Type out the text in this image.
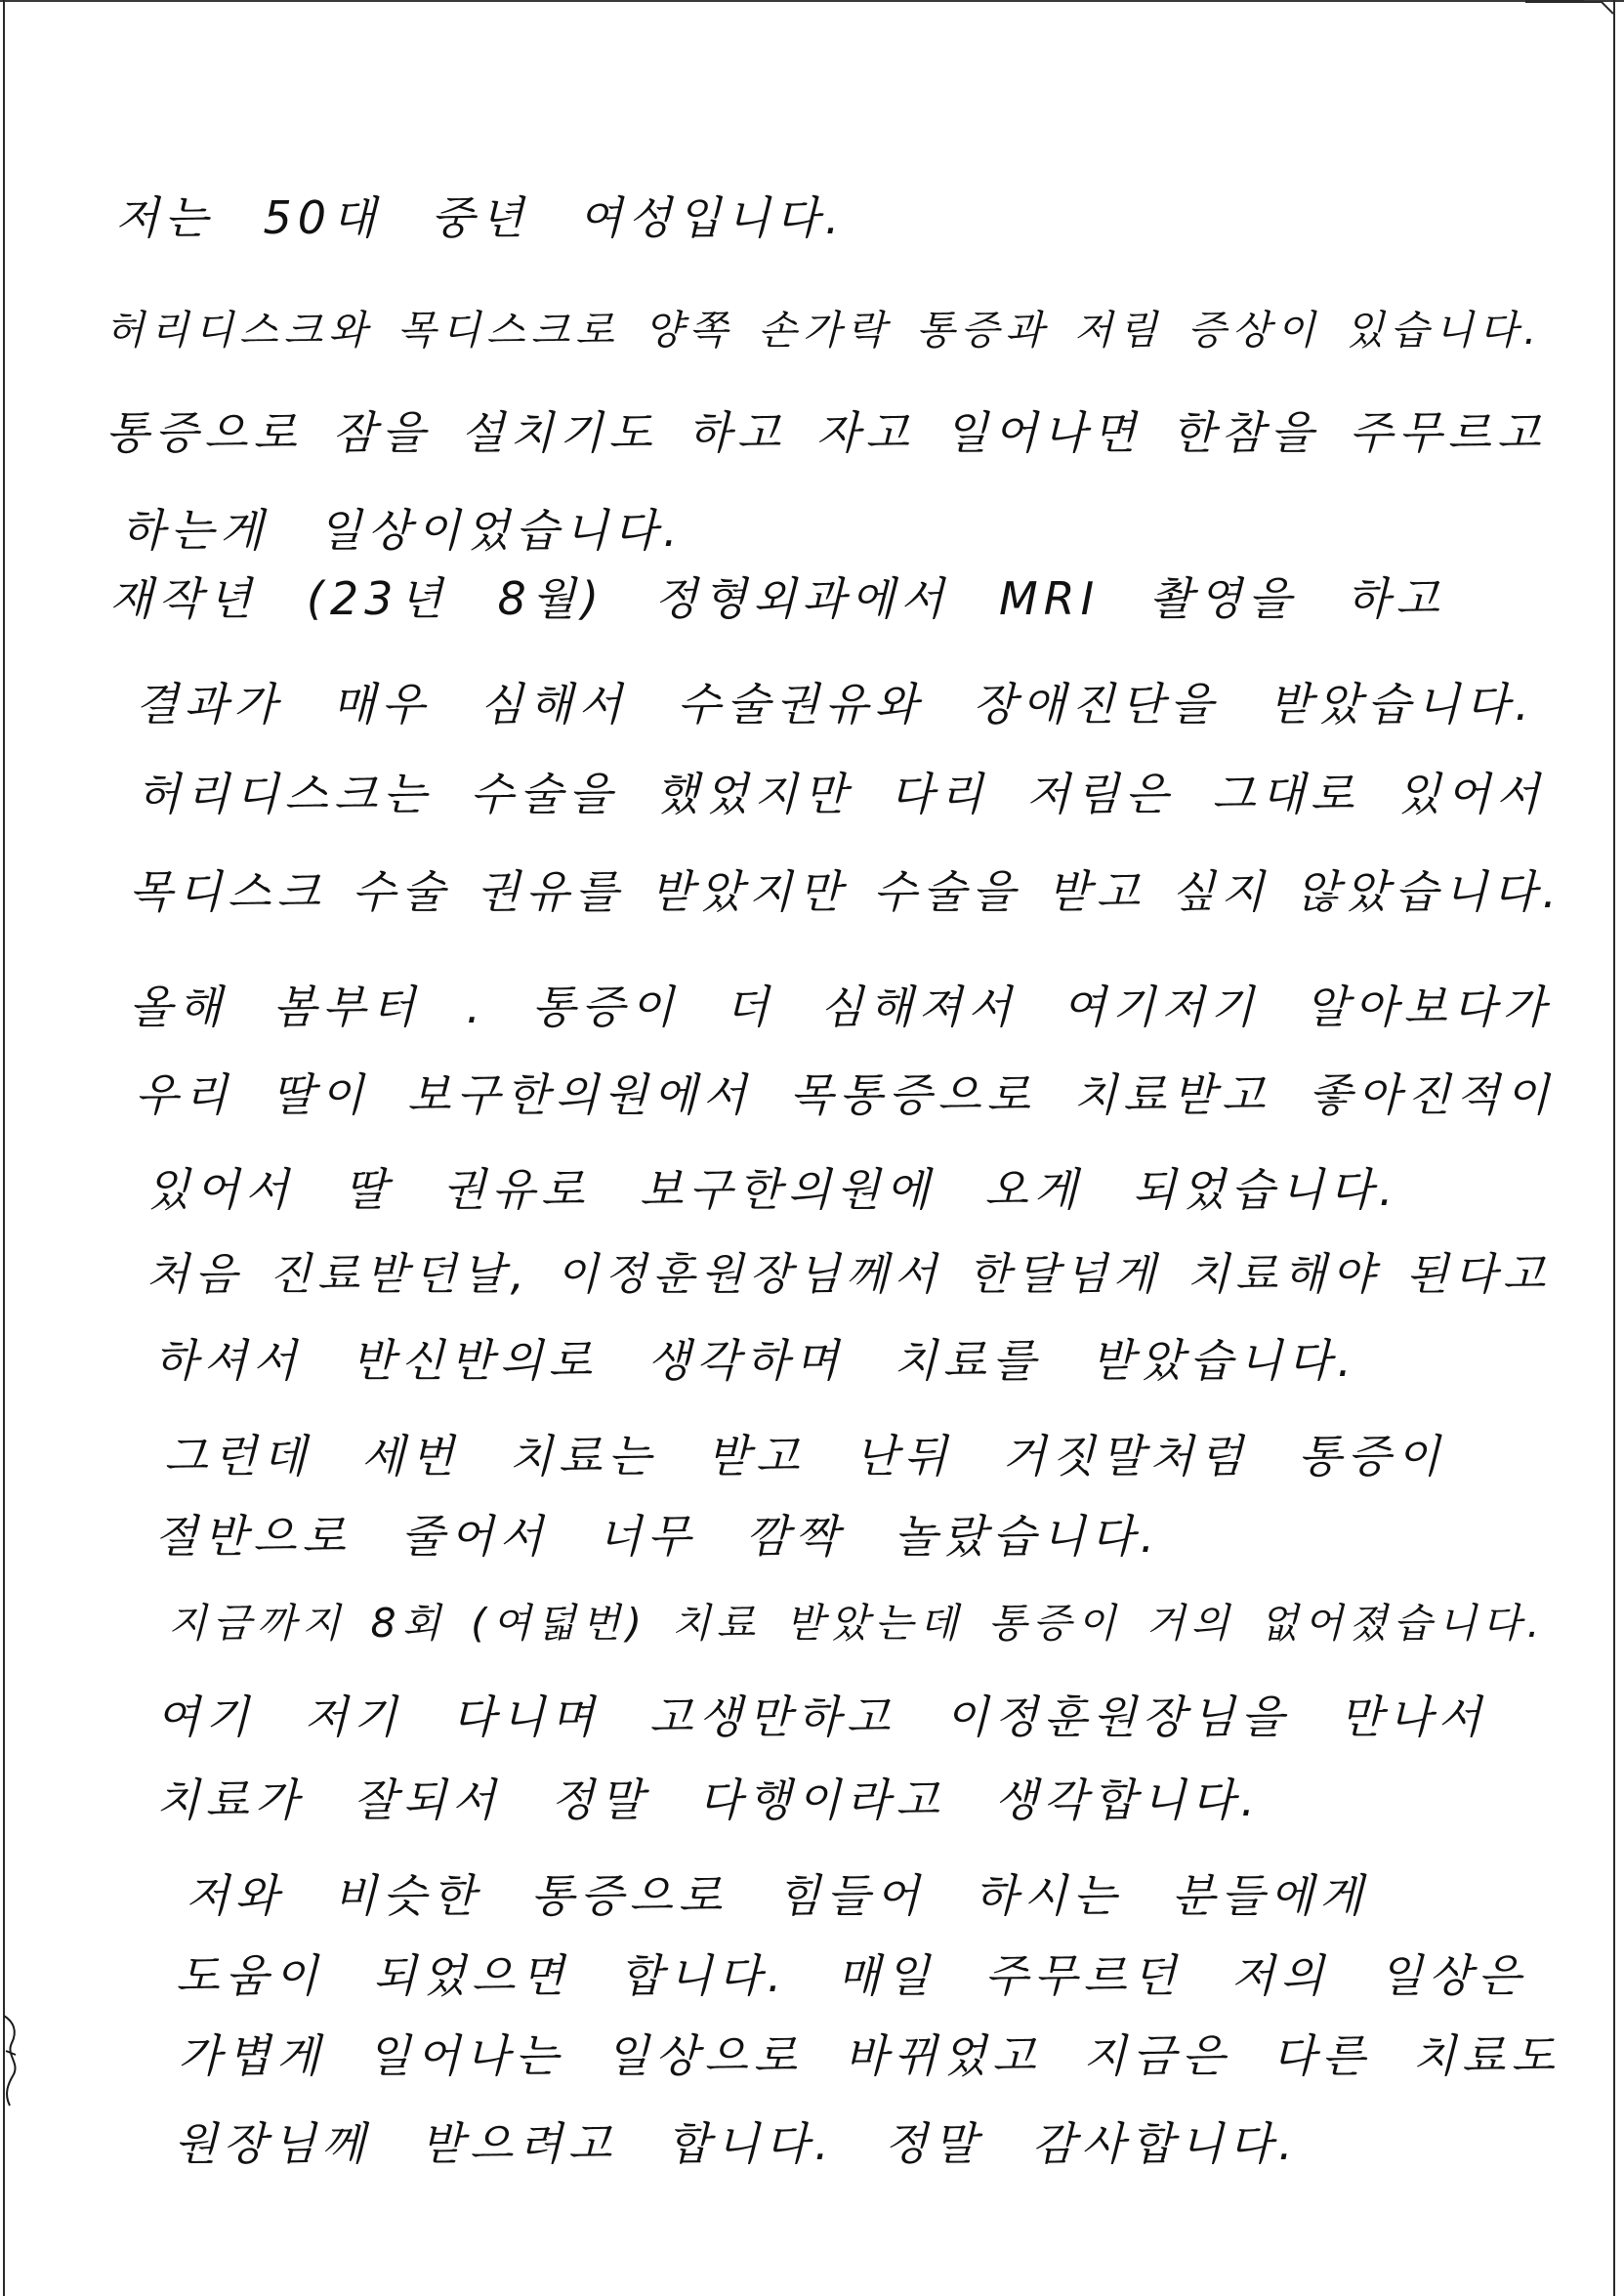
저는 50대 중년 여성입니다.
허리디스크와 목디스크로 양쪽 손가락 통증과 저림 증상이 있습니다.
통증으로 잠을 설치기도 하고 자고 일어나면 한참을 주무르고
하는게 일상이었습니다.
재작년 (23년 8월) 정형외과에서 MRI 촬영을 하고
결과가 매우 심해서 수술권유와 장애진단을 받았습니다.
허리디스크는 수술을 했었지만 다리 저림은 그대로 있어서
목디스크 수술 권유를 받았지만 수술을 받고 싶지 않았습니다.
올해 봄부터 . 통증이 더 심해져서 여기저기 알아보다가
우리 딸이 보구한의원에서 목통증으로 치료받고 좋아진적이
있어서 딸 권유로 보구한의원에 오게 되었습니다.
처음 진료받던날, 이정훈원장님께서 한달넘게 치료해야 된다고
하셔서 반신반의로 생각하며 치료를 받았습니다.
그런데 세번 치료는 받고 난뒤 거짓말처럼 통증이
절반으로 줄어서 너무 깜짝 놀랐습니다.
지금까지 8회 (여덟번) 치료 받았는데 통증이 거의 없어졌습니다.
여기 저기 다니며 고생만하고 이정훈원장님을 만나서
치료가 잘되서 정말 다행이라고 생각합니다.
저와 비슷한 통증으로 힘들어 하시는 분들에게
도움이 되었으면 합니다. 매일 주무르던 저의 일상은
가볍게 일어나는 일상으로 바뀌었고 지금은 다른 치료도
원장님께 받으려고 합니다. 정말 감사합니다.
